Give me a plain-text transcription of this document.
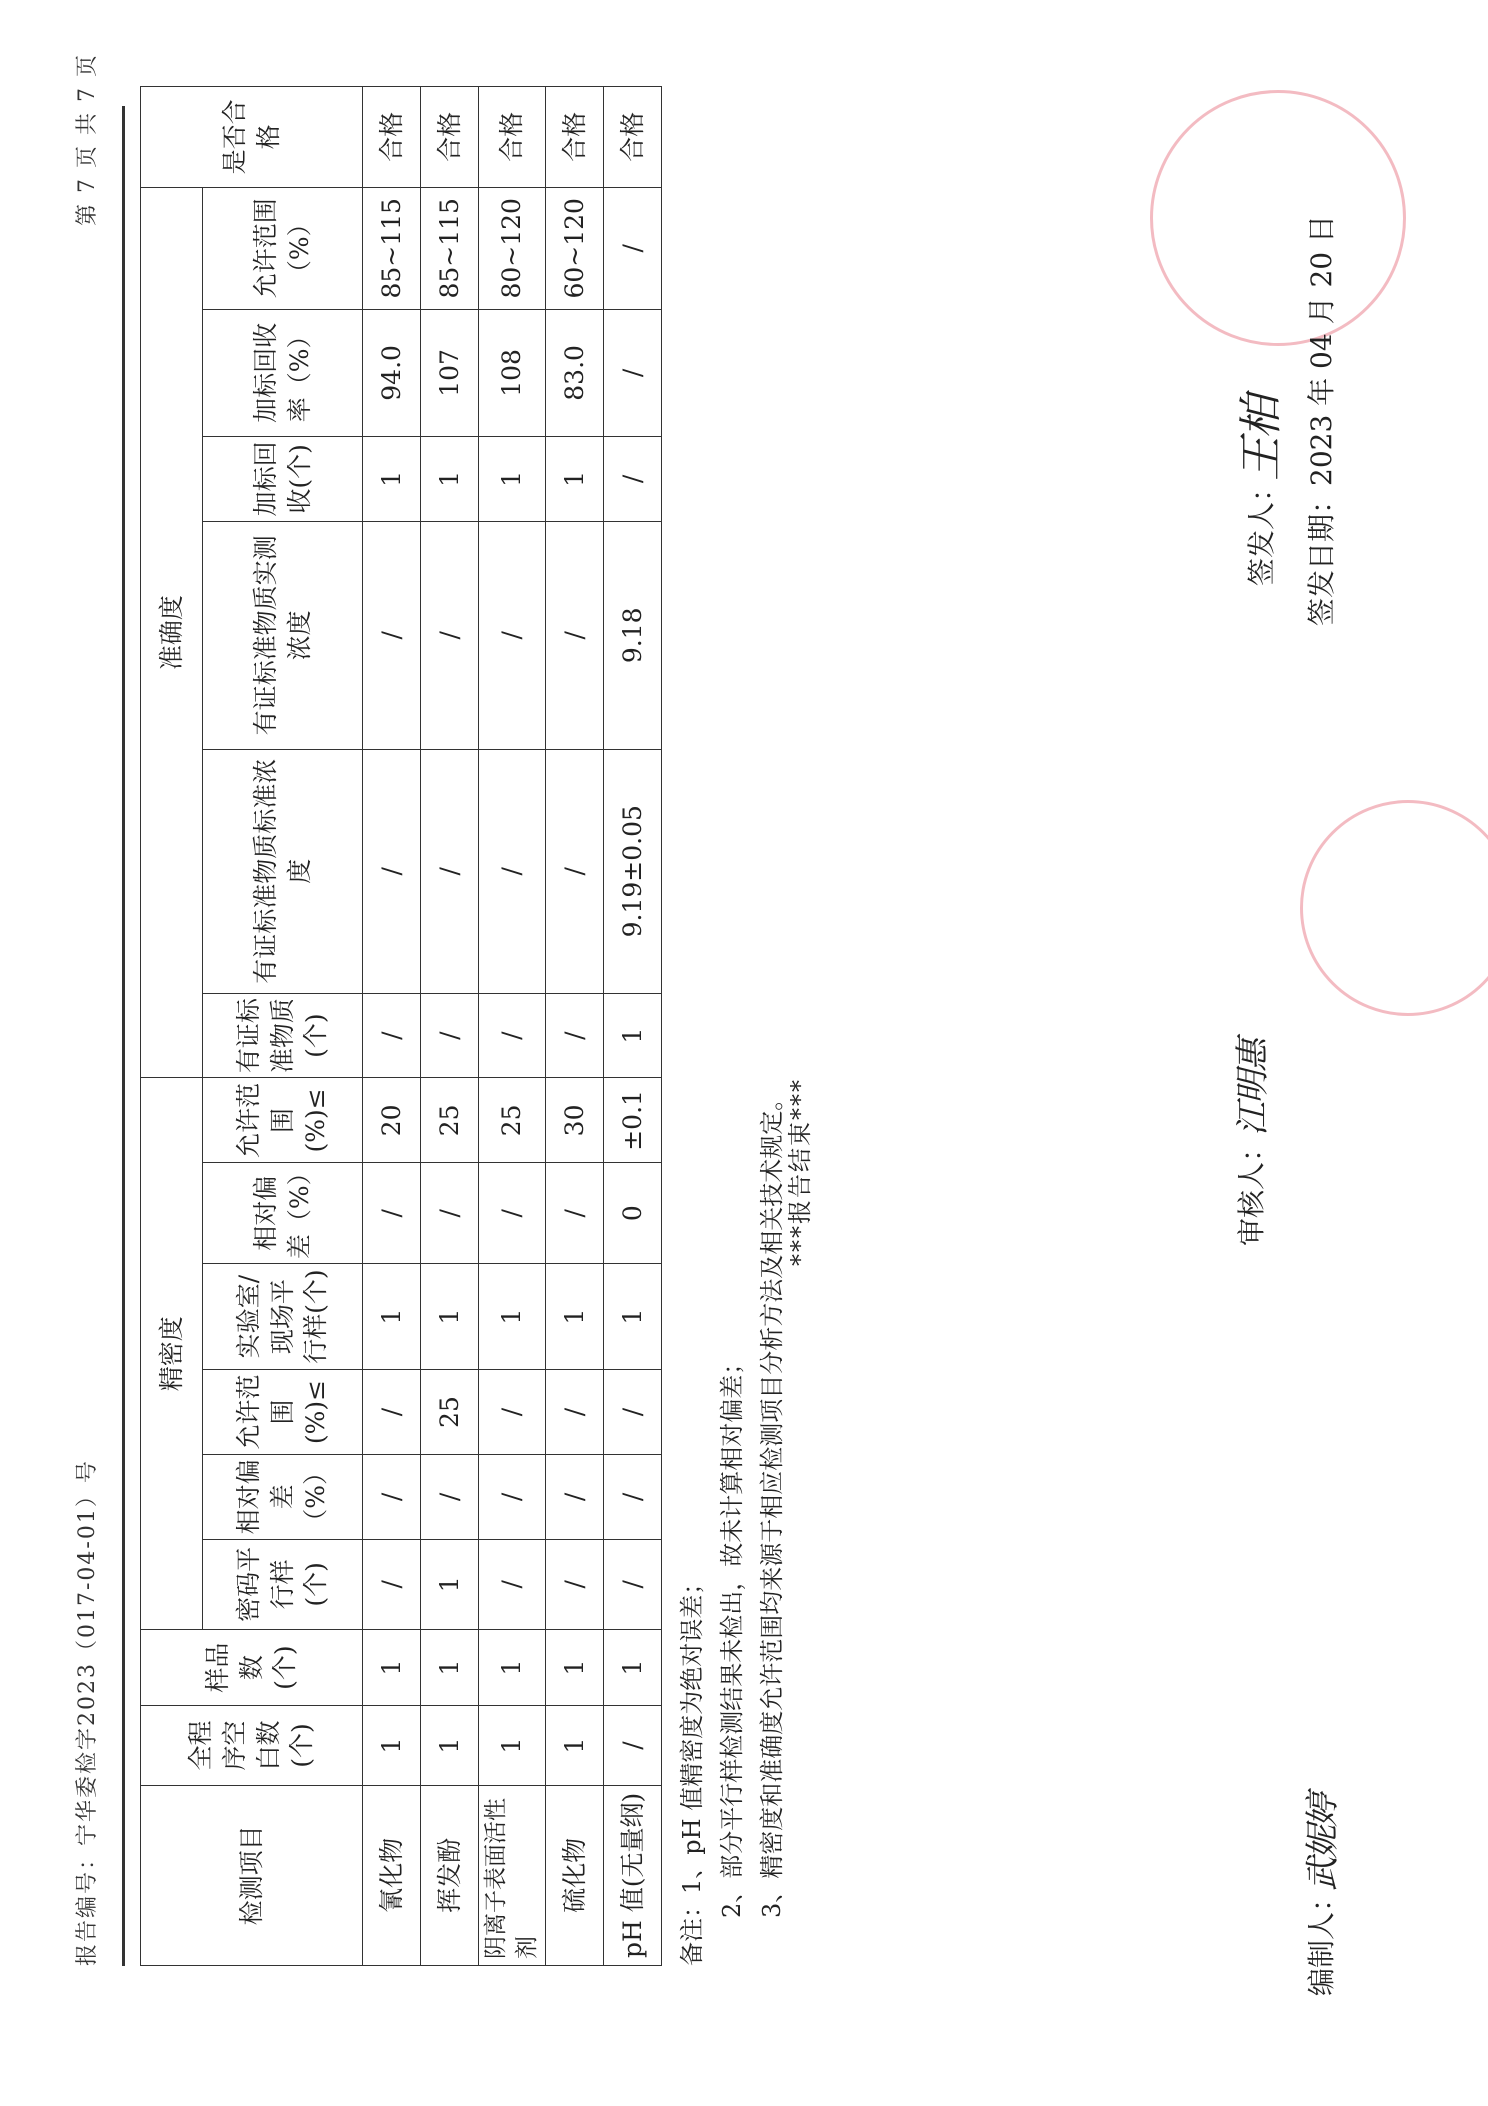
报告编号：宁华委检字2023（017-04-01）号
第 7 页 共 7 页
检测项目	全程序空白数(个)	样品数(个)	精密度						准确度						是否合格
			密码平行样(个)	相对偏差（%）	允许范围(%)≤	实验室/现场平行样(个)	相对偏差（%）	允许范围(%)≤	有证标准物质(个)	有证标准物质标准浓度	有证标准物质实测浓度	加标回收(个)	加标回收率（%）	允许范围（%）	
氰化物	1	1	/	/	/	1	/	20	/	/	/	1	94.0	85~115	合格
挥发酚	1	1	1	/	25	1	/	25	/	/	/	1	107	85~115	合格
阴离子表面活性剂	1	1	/	/	/	1	/	25	/	/	/	1	108	80~120	合格
硫化物	1	1	/	/	/	1	/	30	/	/	/	1	83.0	60~120	合格
pH 值(无量纲)	/	1	/	/	/	1	0	±0.1	1	9.19±0.05	9.18	/	/	/	合格
备注：1、pH 值精密度为绝对误差； 2、部分平行样检测结果未检出，故未计算相对偏差； 3、精密度和准确度允许范围均来源于相应检测项目分析方法及相关技术规定。 ***报告结束***
编制人：
武妮婷
审核人：
江明惠
签发人：
王柏
签发日期：
2023 年 04 月 20 日
